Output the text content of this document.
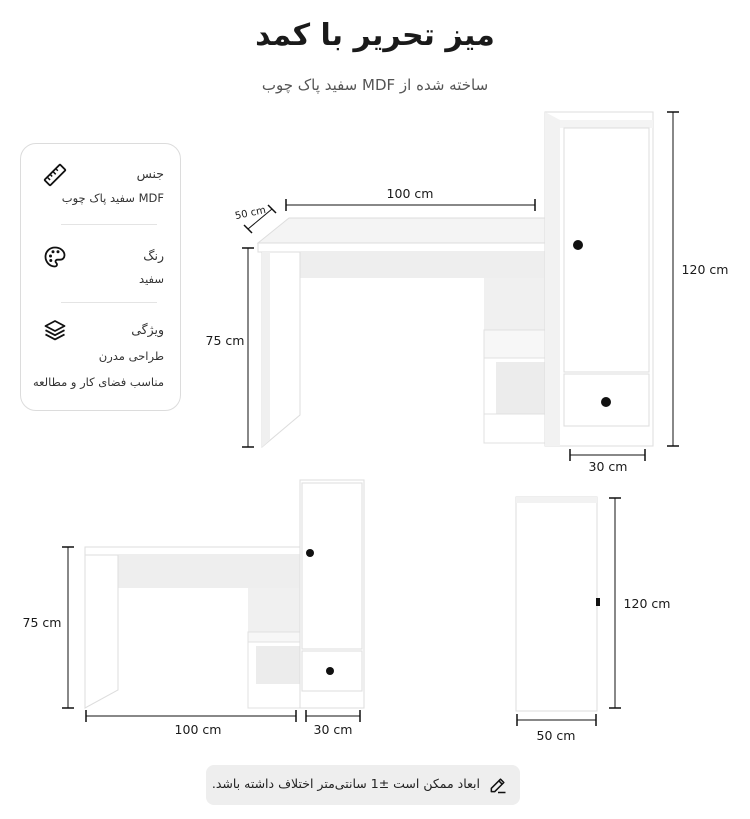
میز تحریر با کمد
ساخته شده از MDF سفید پاک چوب
جنس
MDF سفید پاک چوب
رنگ
سفید
ویژگی
طراحی مدرن
مناسب فضای کار و مطالعه
100 cm
50 cm
75 cm
120 cm
30 cm
75 cm
100 cm	30 cm
120 cm
50 cm
ابعاد ممکن است ±1 سانتی‌متر اختلاف داشته باشد.
